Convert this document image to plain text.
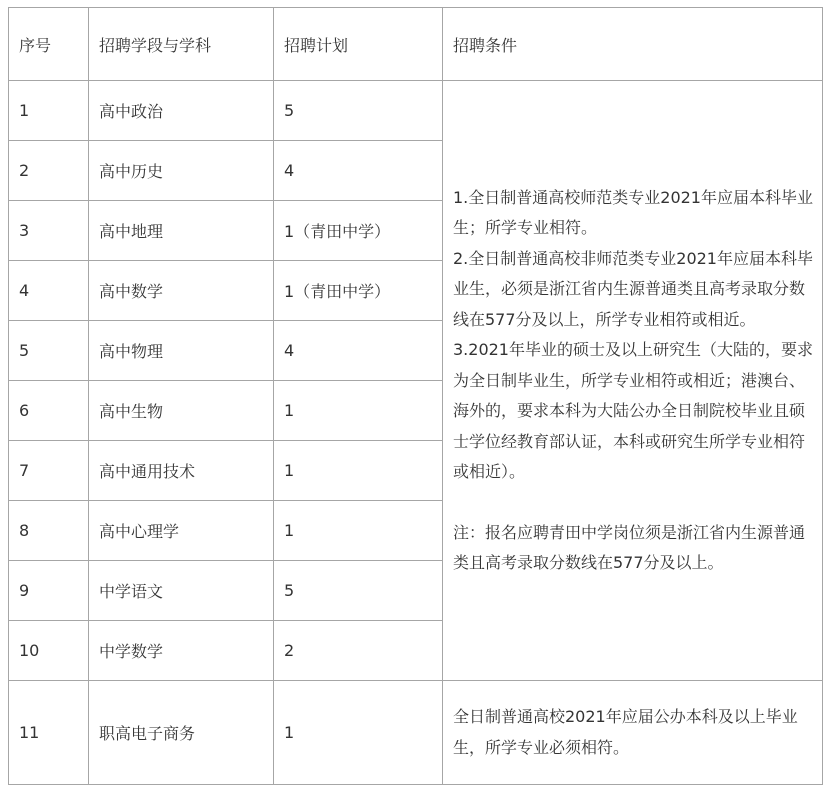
序号	招聘学段与学科	招聘计划	招聘条件
1	高中政治	5	1.全日制普通高校师范类专业2021年应届本科毕业生；所学专业相符。

2.全日制普通高校非师范类专业2021年应届本科毕业生，必须是浙江省内生源普通类且高考录取分数线在577分及以上，所学专业相符或相近。

3.2021年毕业的硕士及以上研究生（大陆的，要求为全日制毕业生，所学专业相符或相近；港澳台、海外的，要求本科为大陆公办全日制院校毕业且硕士学位经教育部认证，本科或研究生所学专业相符或相近）。

注：报名应聘青田中学岗位须是浙江省内生源普通类且高考录取分数线在577分及以上。

2	高中历史	4	
3	高中地理	1（青田中学）	
4	高中数学	1（青田中学）	
5	高中物理	4	
6	高中生物	1	
7	高中通用技术	1	
8	高中心理学	1	
9	中学语文	5	
10	中学数学	2	
11	职高电子商务	1	全日制普通高校2021年应届公办本科及以上毕业生，所学专业必须相符。
